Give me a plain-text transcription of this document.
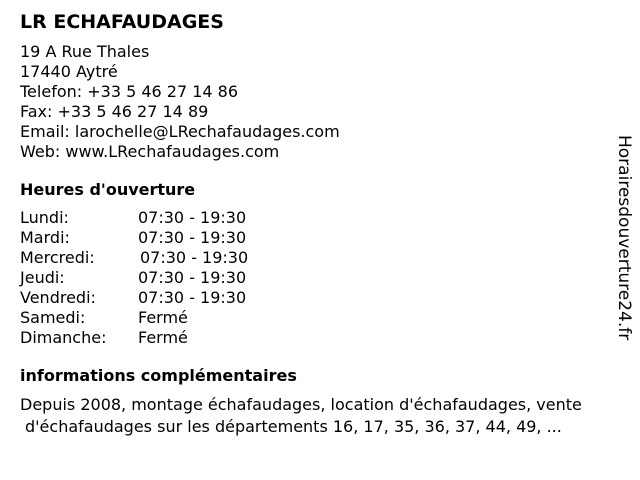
LR ECHAFAUDAGES
19 A Rue Thales
17440 Aytré
Telefon: +33 5 46 27 14 86
Fax: +33 5 46 27 14 89
Email: larochelle@LRechafaudages.com
Web: www.LRechafaudages.com
Heures d'ouverture
Lundi:	07:30 - 19:30
Mardi:	07:30 - 19:30
Mercredi:	07:30 - 19:30
Jeudi:	07:30 - 19:30
Vendredi:	07:30 - 19:30
Samedi:	Fermé
Dimanche: Fermé
informations complémentaires
Depuis 2008, montage échafaudages, location d'échafaudages, vente
d'échafaudages sur les départements 16, 17, 35, 36, 37, 44, 49, ...
Horairesdouverture24.fr
